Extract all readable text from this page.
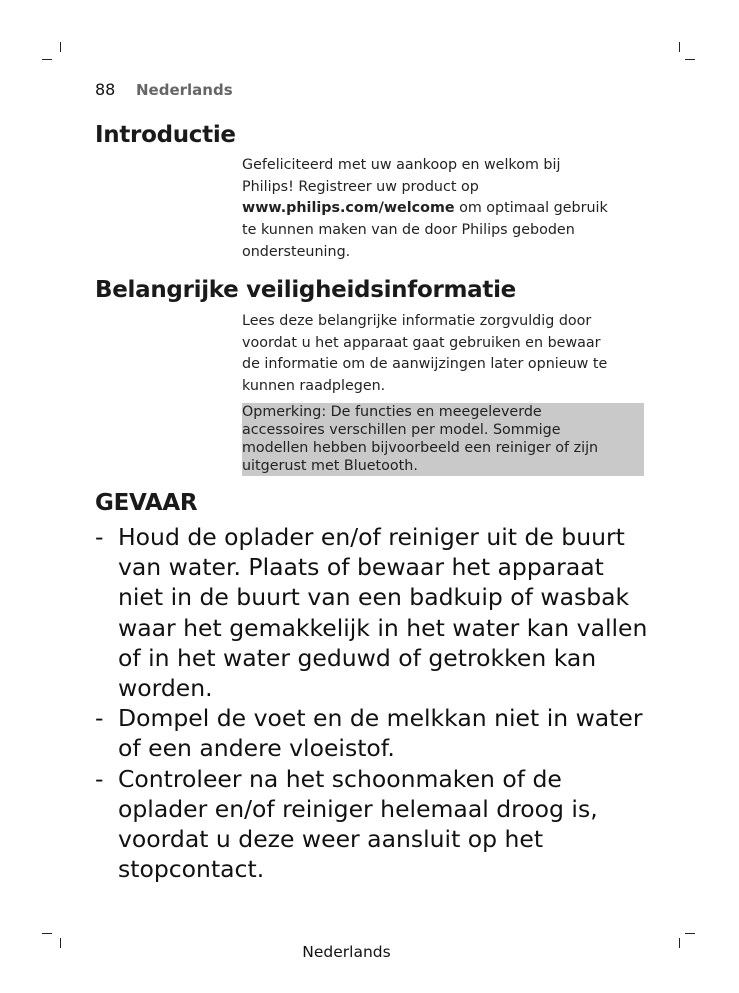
88 Nederlands
Introductie
Gefeliciteerd met uw aankoop en welkom bij
Philips! Registreer uw product op
www.philips.com/welcome om optimaal gebruik
te kunnen maken van de door Philips geboden
ondersteuning.
Belangrijke veiligheidsinformatie
Lees deze belangrijke informatie zorgvuldig door
voordat u het apparaat gaat gebruiken en bewaar
de informatie om de aanwijzingen later opnieuw te
kunnen raadplegen.
Opmerking: De functies en meegeleverde
accessoires verschillen per model. Sommige
modellen hebben bijvoorbeeld een reiniger of zijn
uitgerust met Bluetooth.
GEVAAR
- Houd de oplader en/of reiniger uit de buurt
van water. Plaats of bewaar het apparaat
niet in de buurt van een badkuip of wasbak
waar het gemakkelijk in het water kan vallen
of in het water geduwd of getrokken kan
worden.
- Dompel de voet en de melkkan niet in water
of een andere vloeistof.
- Controleer na het schoonmaken of de
oplader en/of reiniger helemaal droog is,
voordat u deze weer aansluit op het
stopcontact.
Nederlands
